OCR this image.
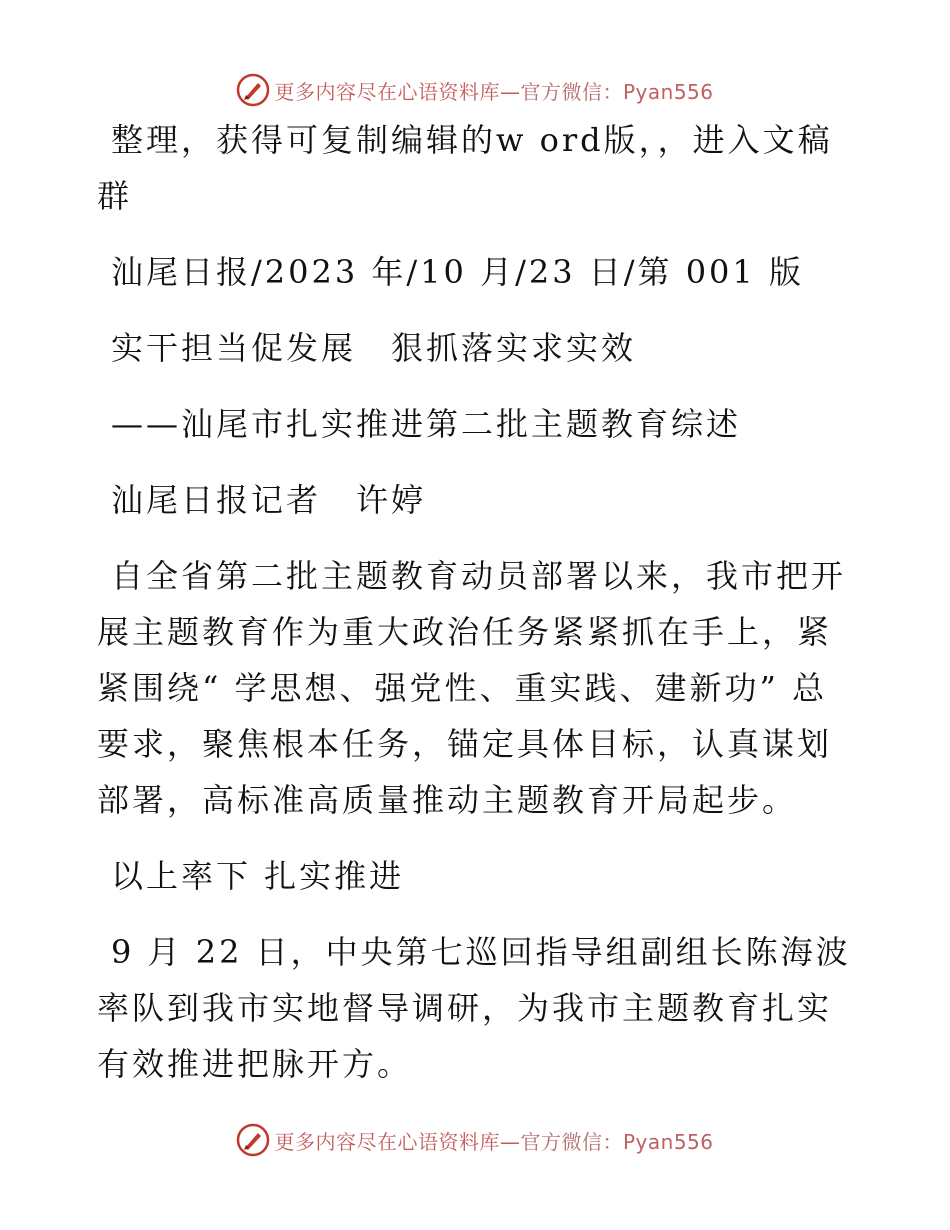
更多内容尽在心语资料库—官方微信：Pyan556

整理，获得可复制编辑的w ord版，，进入文稿群

汕尾日报/2023 年/10 月/23 日/第 001 版

实干担当促发展　狠抓落实求实效

——汕尾市扎实推进第二批主题教育综述

汕尾日报记者　许婷

自全省第二批主题教育动员部署以来，我市把开展主题教育作为重大政治任务紧紧抓在手上，紧紧围绕“ 学思想、强党性、重实践、建新功” 总要求，聚焦根本任务，锚定具体目标，认真谋划部署，高标准高质量推动主题教育开局起步。

以上率下 扎实推进

9 月 22 日，中央第七巡回指导组副组长陈海波率队到我市实地督导调研，为我市主题教育扎实有效推进把脉开方。

更多内容尽在心语资料库—官方微信：Pyan556
